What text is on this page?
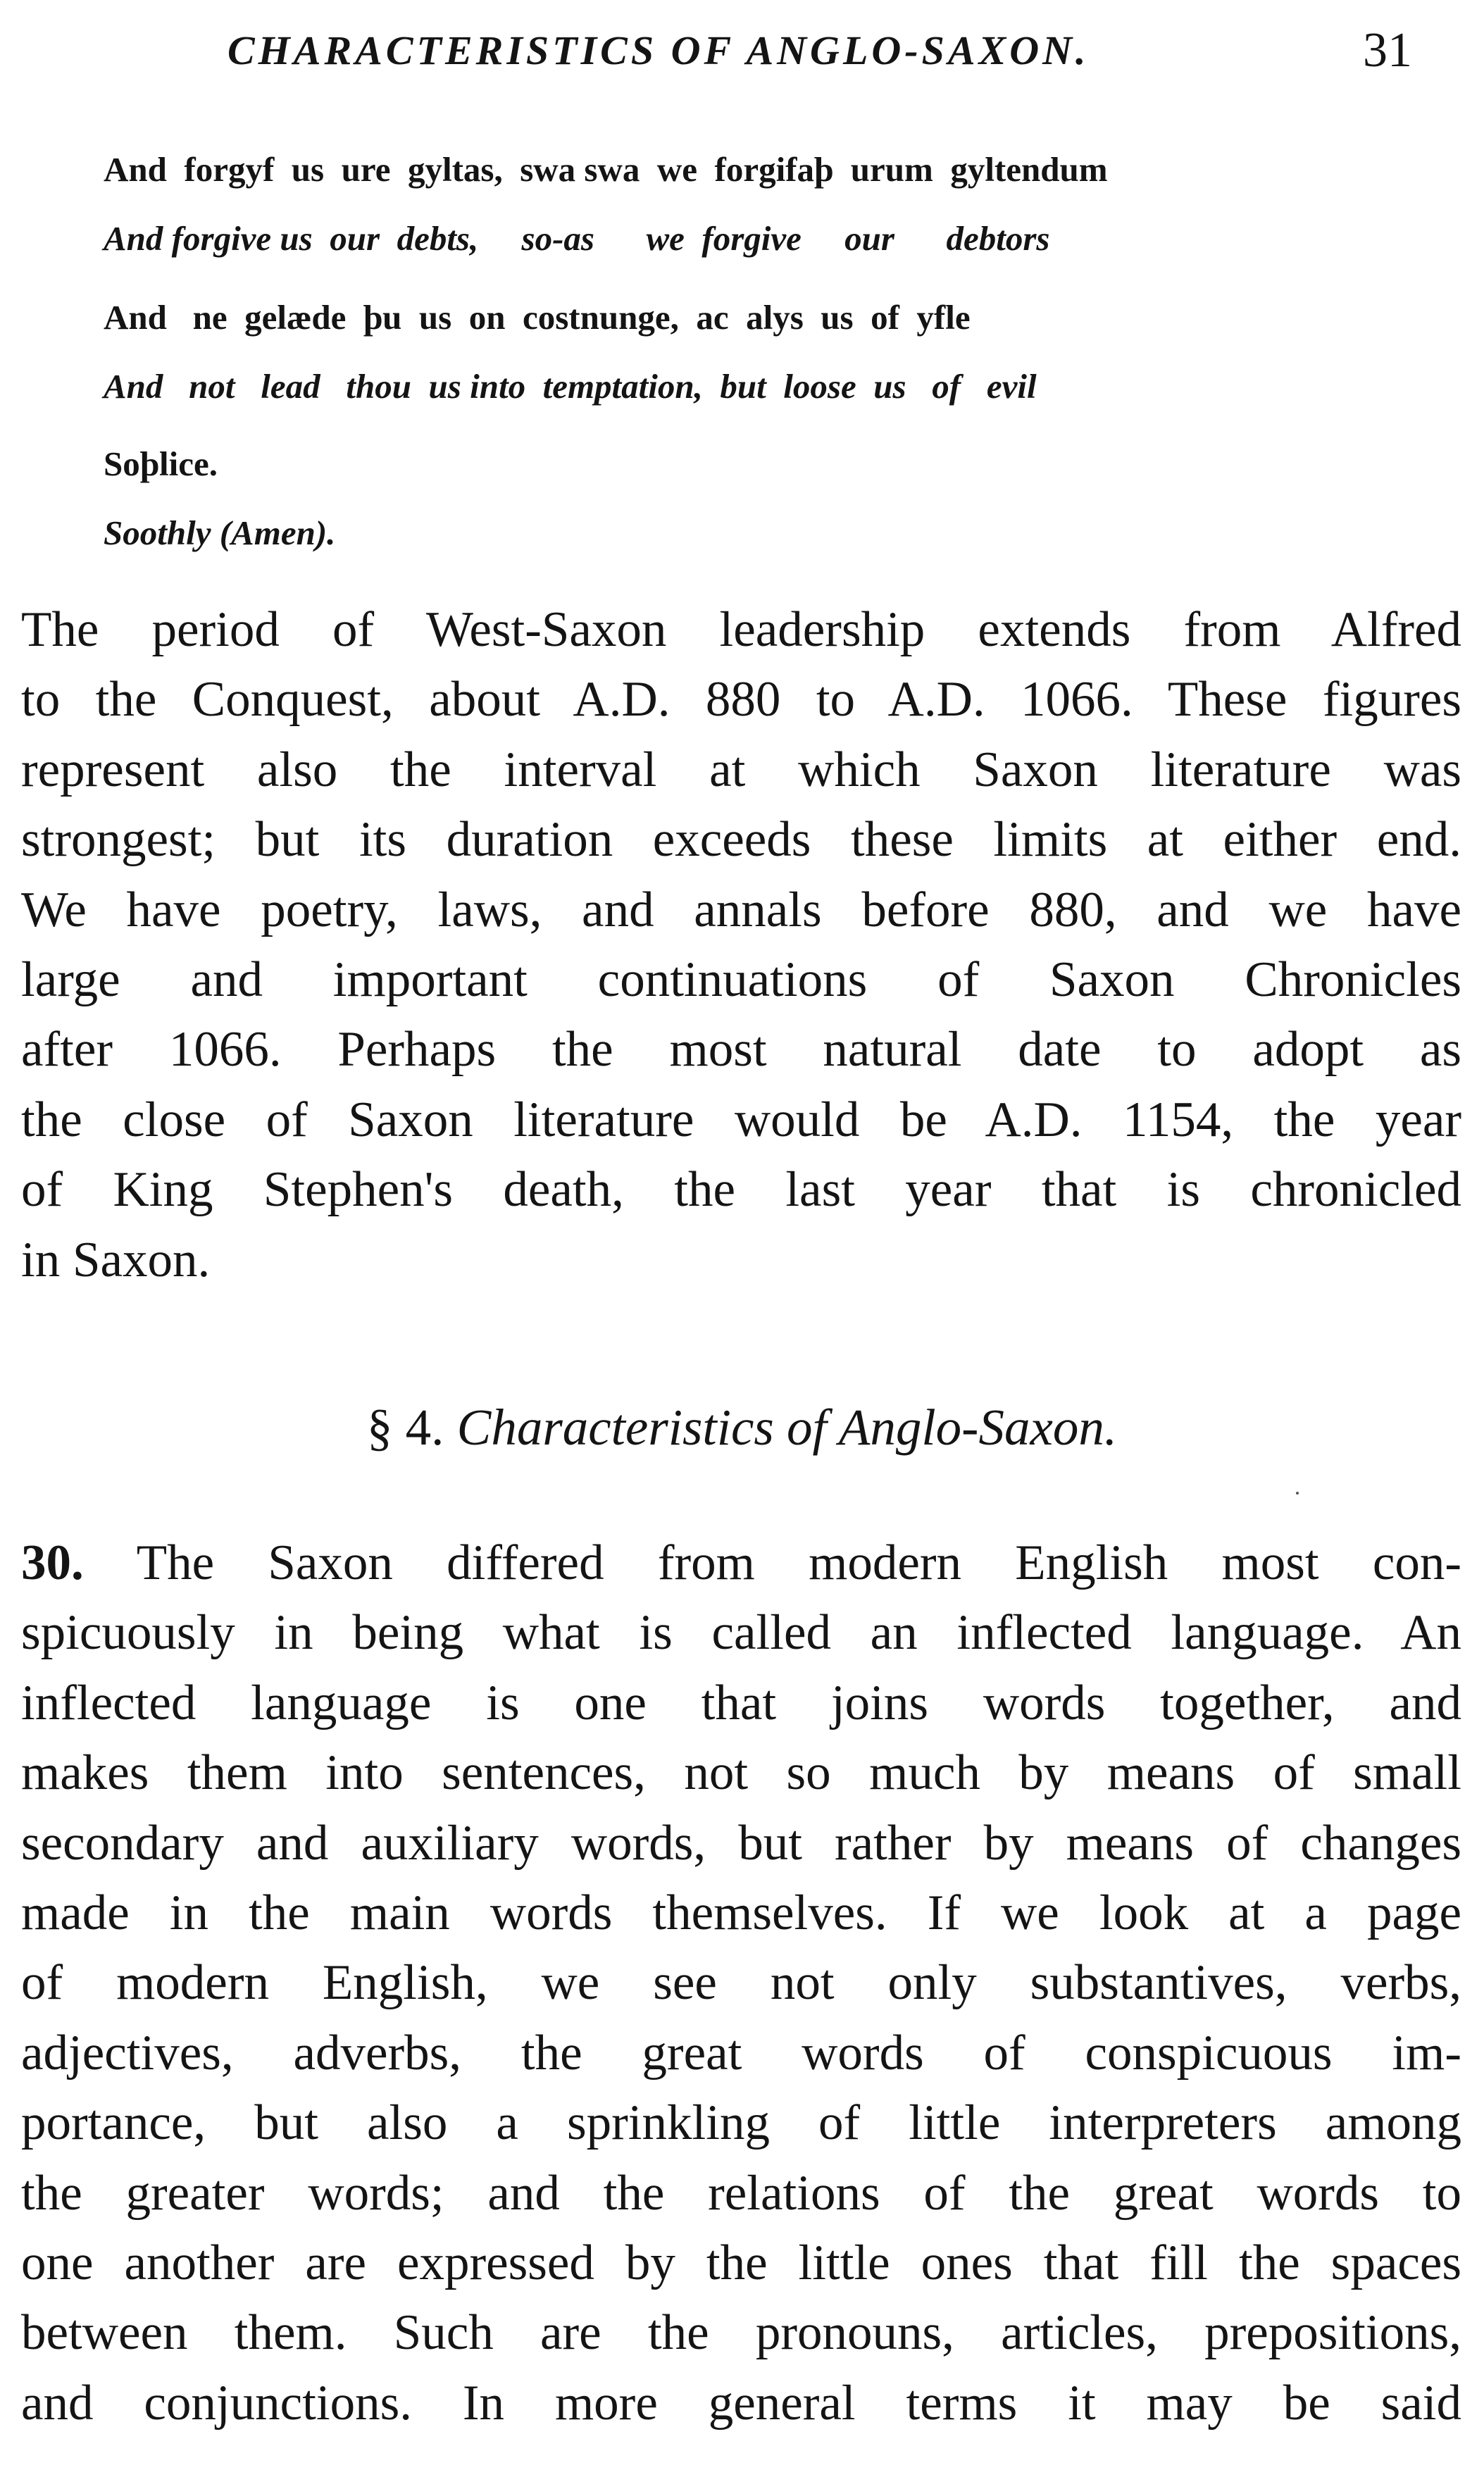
CHARACTERISTICS OF ANGLO-SAXON.	31
And  forgyf  us  ure  gyltas,  swa swa  we  forgifaþ  urum  gyltendum
And forgive us  our  debts,     so-as      we  forgive     our      debtors
And   ne  gelæde  þu  us  on  costnunge,  ac  alys  us  of  yfle
And   not   lead   thou  us into  temptation,  but  loose  us   of   evil
Soþlice.
Soothly (Amen).
The period of West-Saxon leadership extends from Alfred
to the Conquest, about A.D. 880 to A.D. 1066. These figures
represent also the interval at which Saxon literature was
strongest; but its duration exceeds these limits at either end.
We have poetry, laws, and annals before 880, and we have
large and important continuations of Saxon Chronicles
after 1066. Perhaps the most natural date to adopt as
the close of Saxon literature would be A.D. 1154, the year
of King Stephen's death, the last year that is chronicled
in Saxon.
§ 4. Characteristics of Anglo-Saxon.
30. The Saxon differed from modern English most con-
spicuously in being what is called an inflected language. An
inflected language is one that joins words together, and
makes them into sentences, not so much by means of small
secondary and auxiliary words, but rather by means of changes
made in the main words themselves. If we look at a page
of modern English, we see not only substantives, verbs,
adjectives, adverbs, the great words of conspicuous im-
portance, but also a sprinkling of little interpreters among
the greater words; and the relations of the great words to
one another are expressed by the little ones that fill the spaces
between them. Such are the pronouns, articles, prepositions,
and conjunctions. In more general terms it may be said
